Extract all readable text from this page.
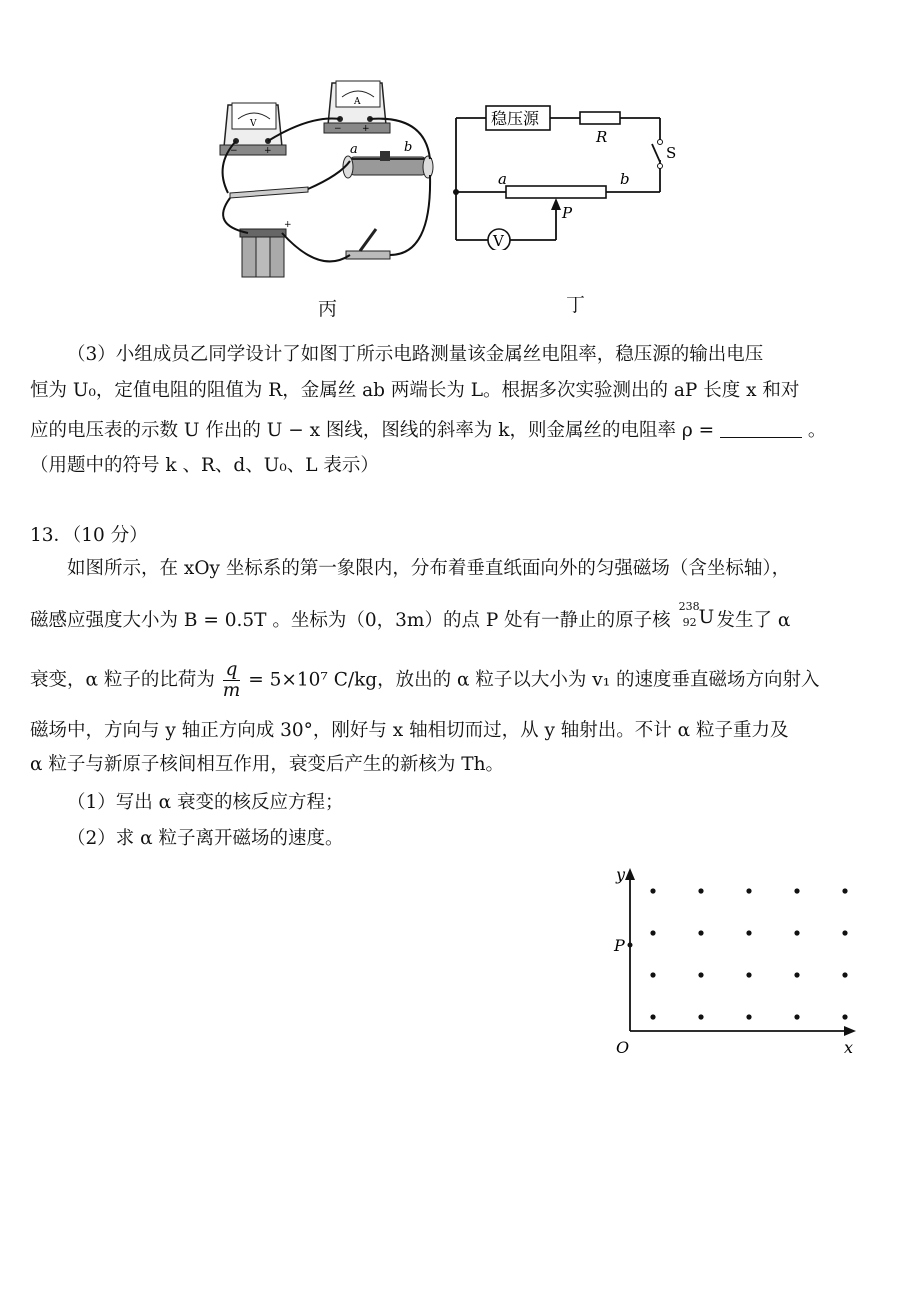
V
−	+
A
− +
a	b
+
丙
稳压源
R
S
a	b
P
V
丁
（3）小组成员乙同学设计了如图丁所示电路测量该金属丝电阻率，稳压源的输出电压
恒为 U₀，定值电阻的阻值为 R，金属丝 ab 两端长为 L。根据多次实验测出的 aP 长度 x 和对
应的电压表的示数 U 作出的 U − x 图线，图线的斜率为 k，则金属丝的电阻率 ρ =	。
（用题中的符号 k 、R、d、U₀、L 表示）
13．（10 分）
如图所示，在 xOy 坐标系的第一象限内，分布着垂直纸面向外的匀强磁场（含坐标轴），
磁感应强度大小为 B = 0.5T 。坐标为（0，3m）的点 P 处有一静止的原子核
238
92 U 发生了 α
衰变，α 粒子的比荷为 $\frac{q}{m} = 5\times 10^7$ C/kg，放出的 α 粒子以大小为 v₁ 的速度垂直磁场方向射入
磁场中，方向与 y 轴正方向成 30°，刚好与 x 轴相切而过，从 y 轴射出。不计 α 粒子重力及
α 粒子与新原子核间相互作用，衰变后产生的新核为 Th。
（1）写出 α 衰变的核反应方程；
（2）求 α 粒子离开磁场的速度。
y
x
O
P
